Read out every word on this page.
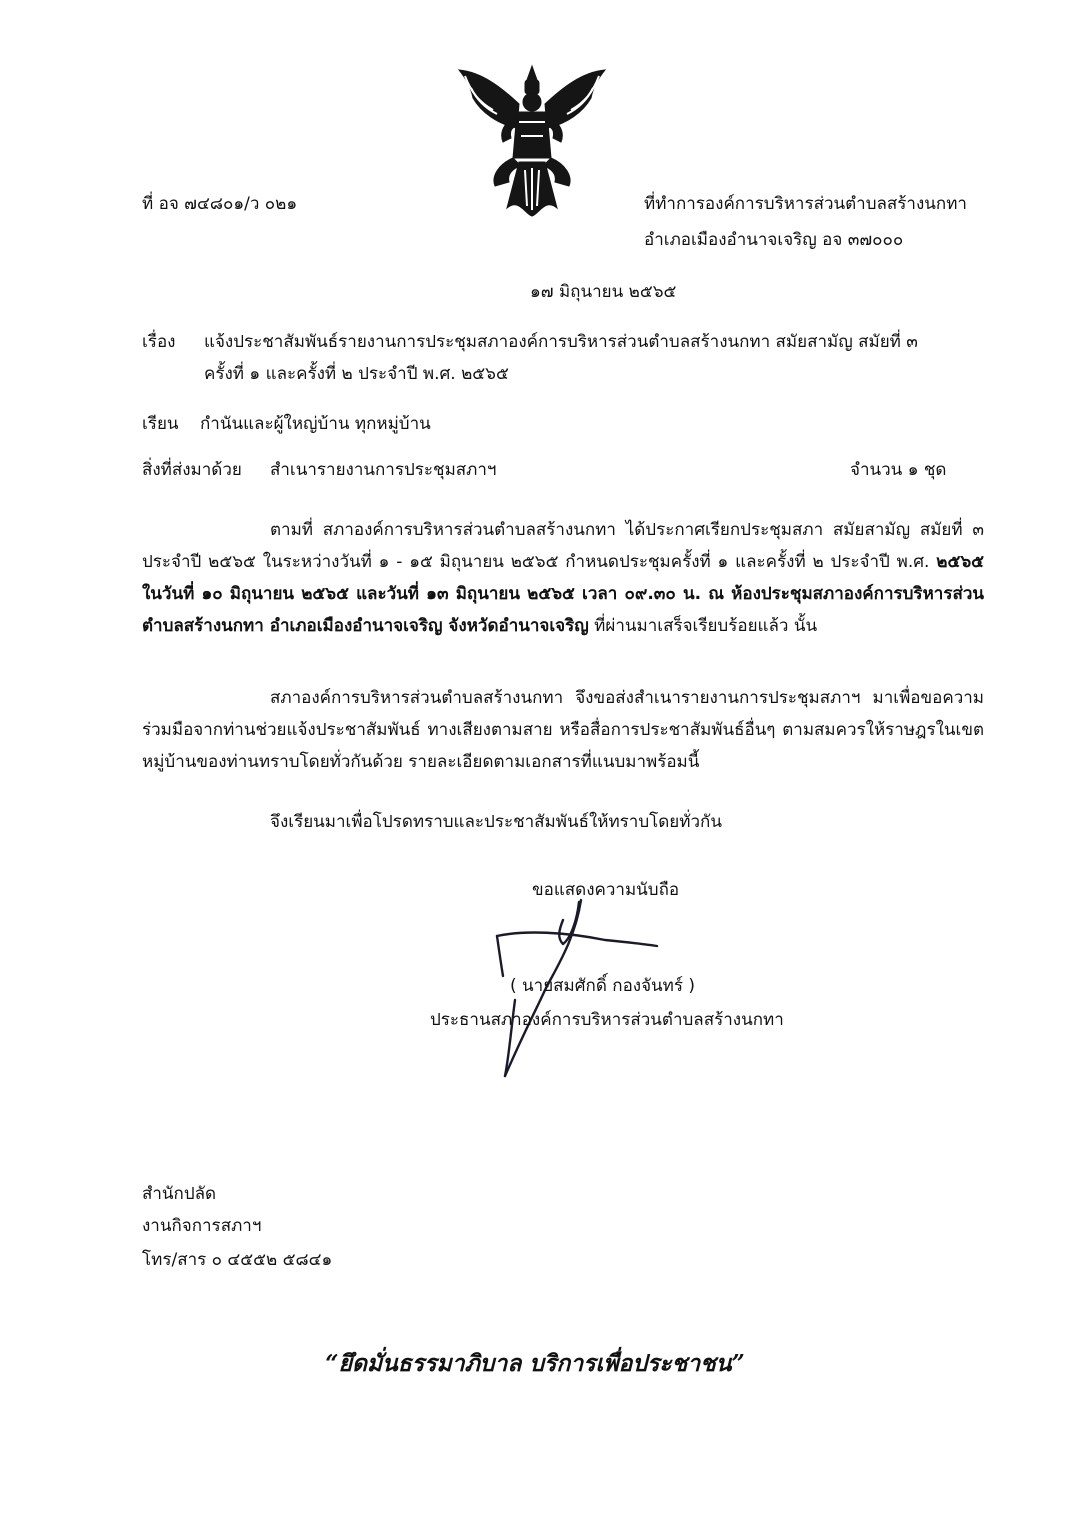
ที่ อจ ๗๔๘๐๑/ว ๐๒๑	ที่ทำการองค์การบริหารส่วนตำบลสร้างนกทา
อำเภอเมืองอำนาจเจริญ อจ ๓๗๐๐๐
๑๗ มิถุนายน ๒๕๖๕
เรื่อง แจ้งประชาสัมพันธ์รายงานการประชุมสภาองค์การบริหารส่วนตำบลสร้างนกทา สมัยสามัญ สมัยที่ ๓
ครั้งที่ ๑ และครั้งที่ ๒ ประจำปี พ.ศ. ๒๕๖๕
เรียน กำนันและผู้ใหญ่บ้าน ทุกหมู่บ้าน
สิ่งที่ส่งมาด้วย สำเนารายงานการประชุมสภาฯ	จำนวน ๑ ชุด
ตามที่ สภาองค์การบริหารส่วนตำบลสร้างนกทา ได้ประกาศเรียกประชุมสภา สมัยสามัญ สมัยที่ ๓ ประจำปี ๒๕๖๕ ในระหว่างวันที่ ๑ - ๑๕ มิถุนายน ๒๕๖๕ กำหนดประชุมครั้งที่ ๑ และครั้งที่ ๒ ประจำปี พ.ศ. ๒๕๖๕ ในวันที่ ๑๐ มิถุนายน ๒๕๖๕ และวันที่ ๑๓ มิถุนายน ๒๕๖๕ เวลา ๐๙.๓๐ น. ณ ห้องประชุมสภาองค์การบริหารส่วนตำบลสร้างนกทา อำเภอเมืองอำนาจเจริญ จังหวัดอำนาจเจริญ ที่ผ่านมาเสร็จเรียบร้อยแล้ว นั้น
สภาองค์การบริหารส่วนตำบลสร้างนกทา จึงขอส่งสำเนารายงานการประชุมสภาฯ มาเพื่อขอความร่วมมือจากท่านช่วยแจ้งประชาสัมพันธ์ ทางเสียงตามสาย หรือสื่อการประชาสัมพันธ์อื่นๆ ตามสมควรให้ราษฎรในเขตหมู่บ้านของท่านทราบโดยทั่วกันด้วย รายละเอียดตามเอกสารที่แนบมาพร้อมนี้
จึงเรียนมาเพื่อโปรดทราบและประชาสัมพันธ์ให้ทราบโดยทั่วกัน
ขอแสดงความนับถือ
( นายสมศักดิ์ กองจันทร์ )
ประธานสภาองค์การบริหารส่วนตำบลสร้างนกทา
สำนักปลัด
งานกิจการสภาฯ
โทร/สาร ๐ ๔๕๕๒ ๕๘๔๑
“ยึดมั่นธรรมาภิบาล บริการเพื่อประชาชน”
